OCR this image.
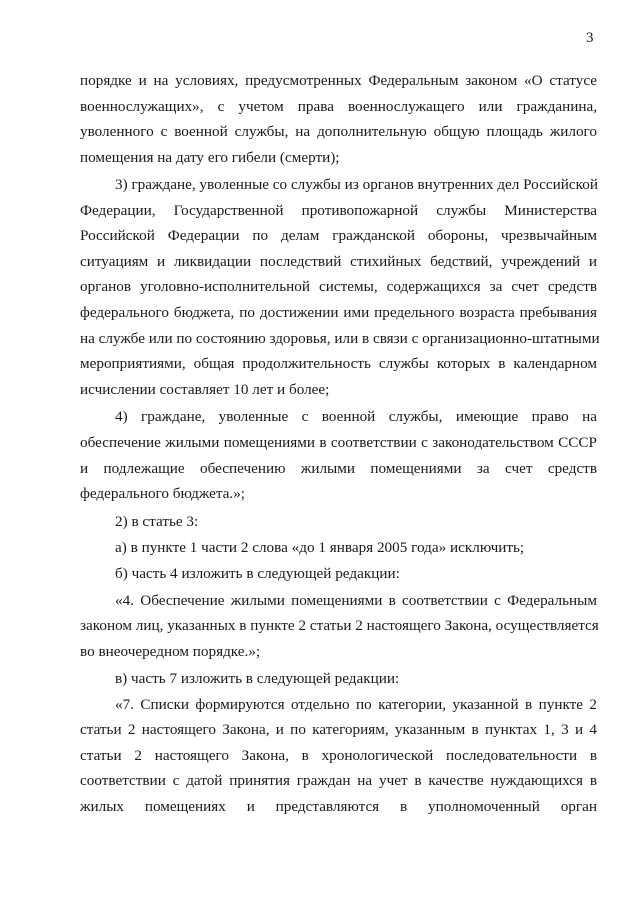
3
порядке и на условиях, предусмотренных Федеральным законом «О статусе
военнослужащих», с учетом права военнослужащего или гражданина,
уволенного с военной службы, на дополнительную общую площадь жилого
помещения на дату его гибели (смерти);
3) граждане, уволенные со службы из органов внутренних дел Российской
Федерации, Государственной противопожарной службы Министерства
Российской Федерации по делам гражданской обороны, чрезвычайным
ситуациям и ликвидации последствий стихийных бедствий, учреждений и
органов уголовно-исполнительной системы, содержащихся за счет средств
федерального бюджета, по достижении ими предельного возраста пребывания
на службе или по состоянию здоровья, или в связи с организационно-штатными
мероприятиями, общая продолжительность службы которых в календарном
исчислении составляет 10 лет и более;
4) граждане, уволенные с военной службы, имеющие право на
обеспечение жилыми помещениями в соответствии с законодательством СССР
и подлежащие обеспечению жилыми помещениями за счет средств
федерального бюджета.»;
2) в статье 3:
а) в пункте 1 части 2 слова «до 1 января 2005 года» исключить;
б) часть 4 изложить в следующей редакции:
«4. Обеспечение жилыми помещениями в соответствии с Федеральным
законом лиц, указанных в пункте 2 статьи 2 настоящего Закона, осуществляется
во внеочередном порядке.»;
в) часть 7 изложить в следующей редакции:
«7. Списки формируются отдельно по категории, указанной в пункте 2
статьи 2 настоящего Закона, и по категориям, указанным в пунктах 1, 3 и 4
статьи 2 настоящего Закона, в хронологической последовательности в
соответствии с датой принятия граждан на учет в качестве нуждающихся в
жилых помещениях и представляются в уполномоченный орган
